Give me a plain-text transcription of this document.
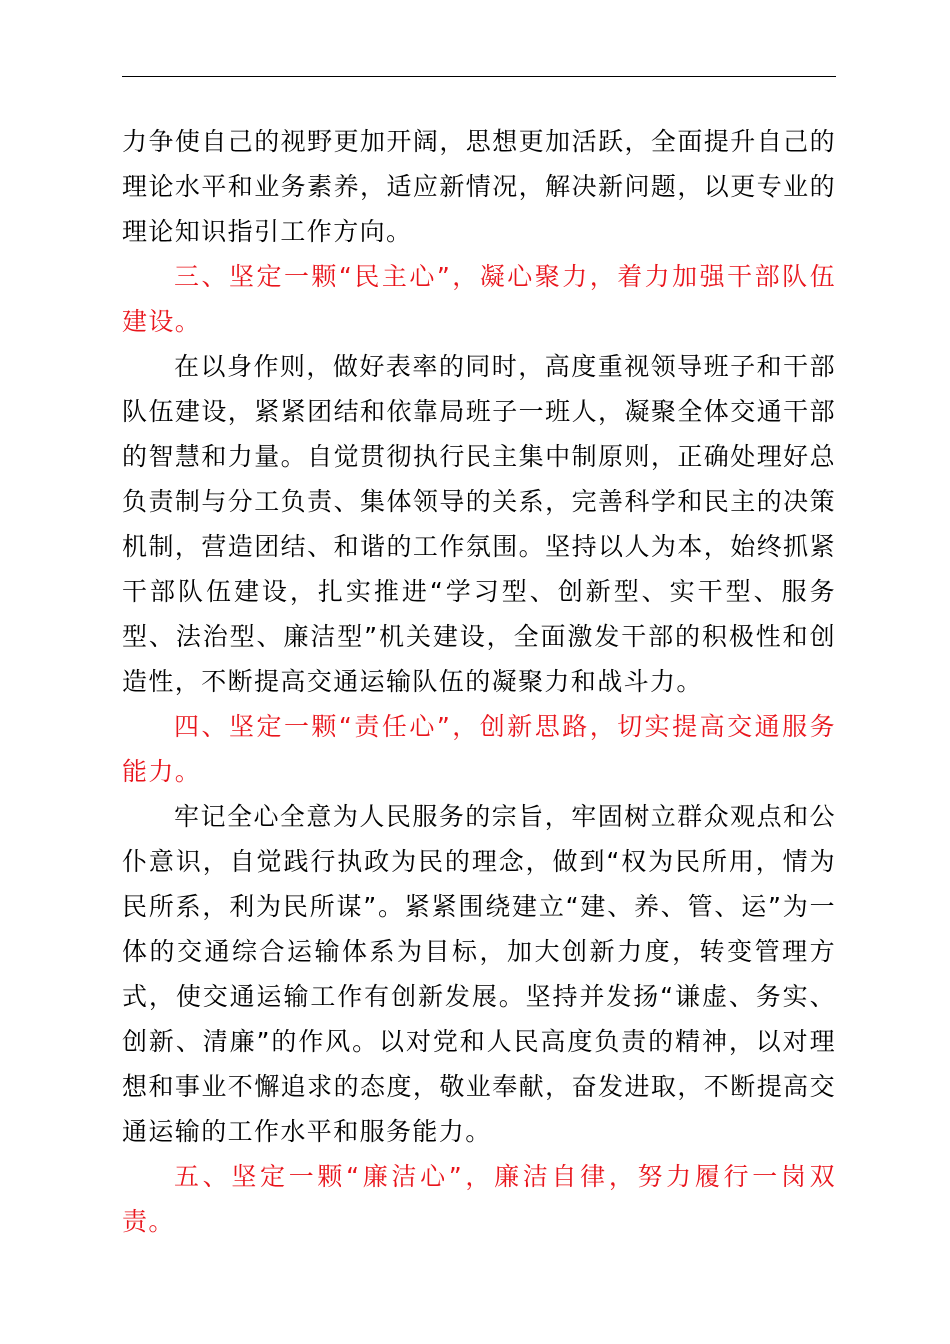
力争使自己的视野更加开阔，思想更加活跃，全面提升自己的理论水平和业务素养，适应新情况，解决新问题，以更专业的理论知识指引工作方向。

三、坚定一颗“民主心”，凝心聚力，着力加强干部队伍建设。

在以身作则，做好表率的同时，高度重视领导班子和干部队伍建设，紧紧团结和依靠局班子一班人，凝聚全体交通干部的智慧和力量。自觉贯彻执行民主集中制原则，正确处理好总负责制与分工负责、集体领导的关系，完善科学和民主的决策机制，营造团结、和谐的工作氛围。坚持以人为本，始终抓紧干部队伍建设，扎实推进“学习型、创新型、实干型、服务型、法治型、廉洁型”机关建设，全面激发干部的积极性和创造性，不断提高交通运输队伍的凝聚力和战斗力。

四、坚定一颗“责任心”，创新思路，切实提高交通服务能力。

牢记全心全意为人民服务的宗旨，牢固树立群众观点和公仆意识，自觉践行执政为民的理念，做到“权为民所用，情为民所系，利为民所谋”。紧紧围绕建立“建、养、管、运”为一体的交通综合运输体系为目标，加大创新力度，转变管理方式，使交通运输工作有创新发展。坚持并发扬“谦虚、务实、创新、清廉”的作风。以对党和人民高度负责的精神，以对理想和事业不懈追求的态度，敬业奉献，奋发进取，不断提高交通运输的工作水平和服务能力。

五、坚定一颗“廉洁心”，廉洁自律，努力履行一岗双责。
